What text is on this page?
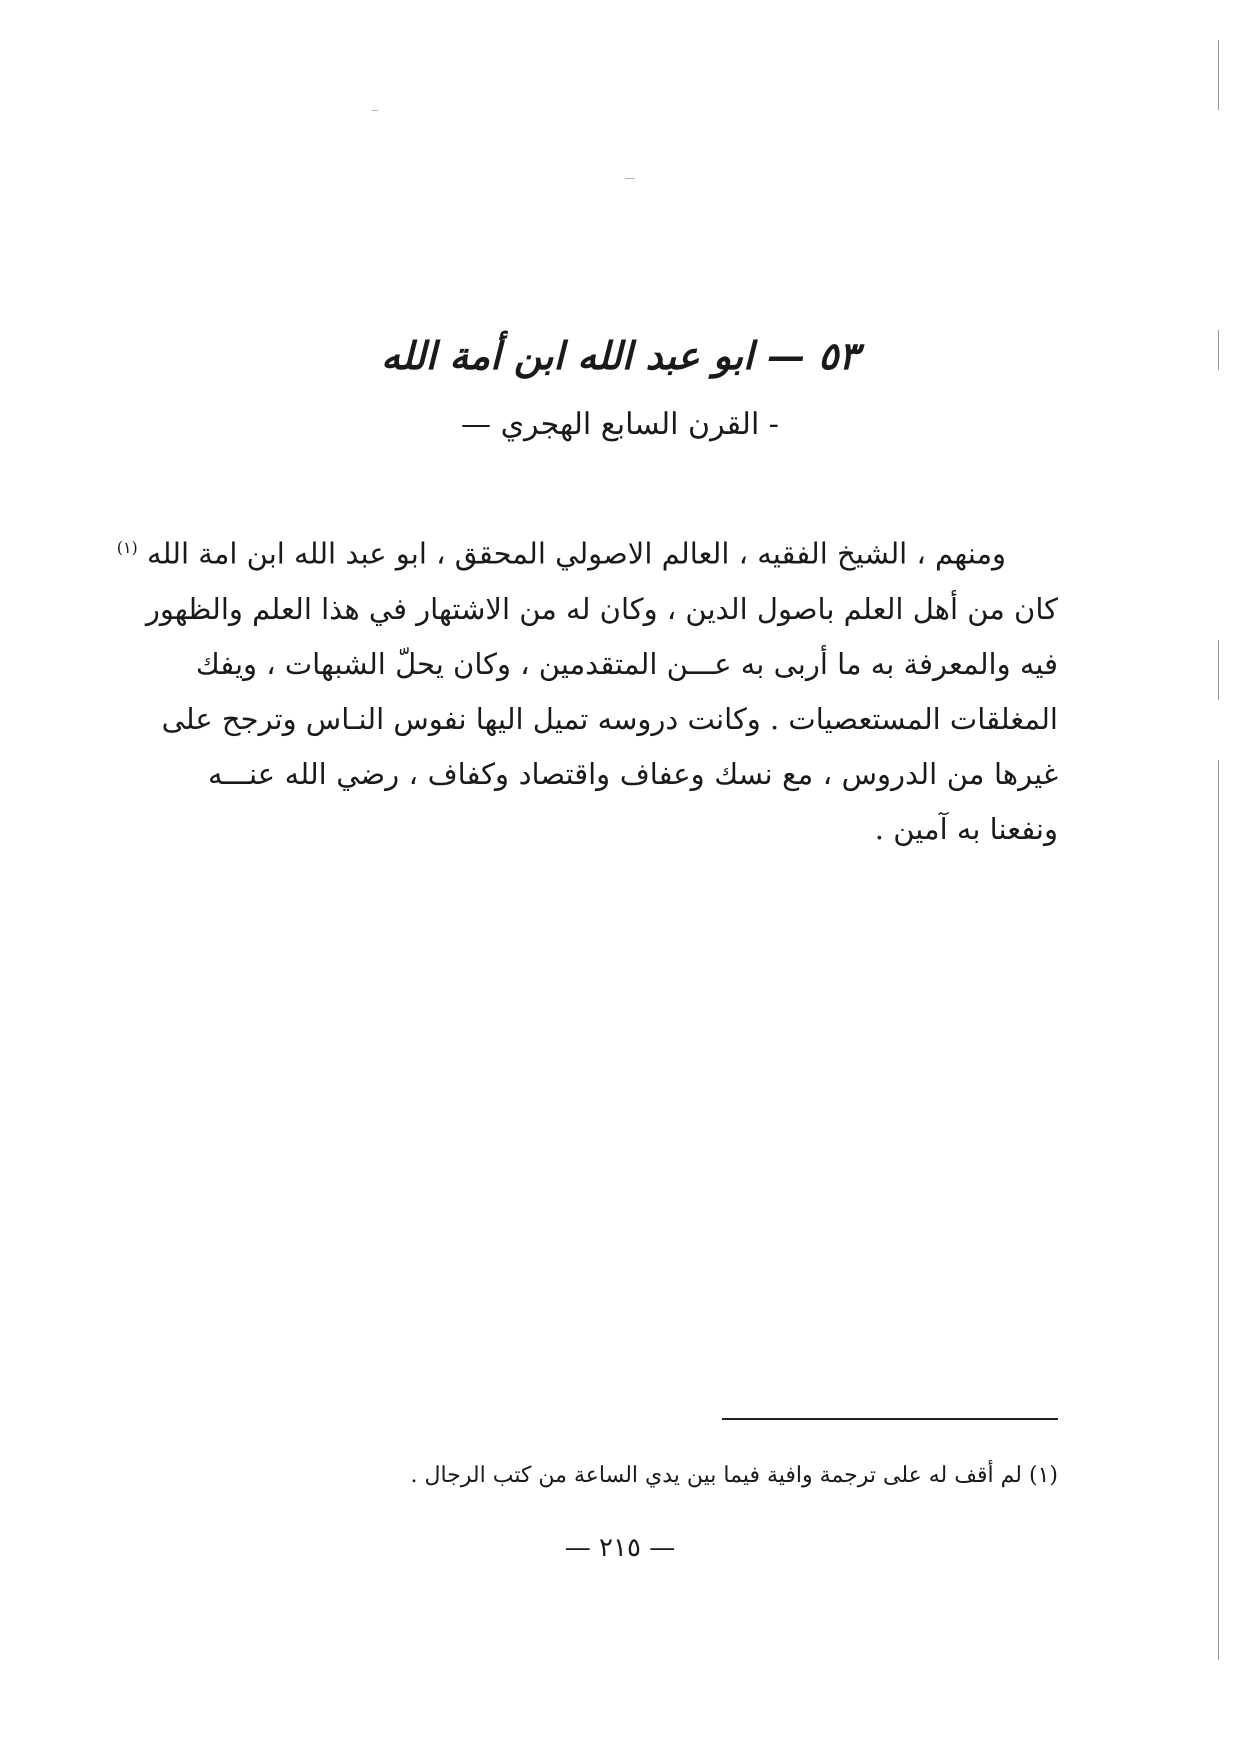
٥٣ — ابو عبد الله ابن أمة الله
- القرن السابع الهجري —
ومنهم ، الشيخ الفقيه ، العالم الاصولي المحقق ، ابو عبد الله ابن امة الله $^{(١)}$
كان من أهل العلم باصول الدين ، وكان له من الاشتهار في هذا العلم والظهور
فيه والمعرفة به ما أربى به عـــن المتقدمين ، وكان يحلّ الشبهات ، ويفك
المغلقات المستعصيات . وكانت دروسه تميل اليها نفوس النـاس وترجح على
غيرها من الدروس ، مع نسك وعفاف واقتصاد وكفاف ، رضي الله عنـــه
ونفعنا به آمين .
(١) لم أقف له على ترجمة وافية فيما بين يدي الساعة من كتب الرجال .
— ٢١٥ —
